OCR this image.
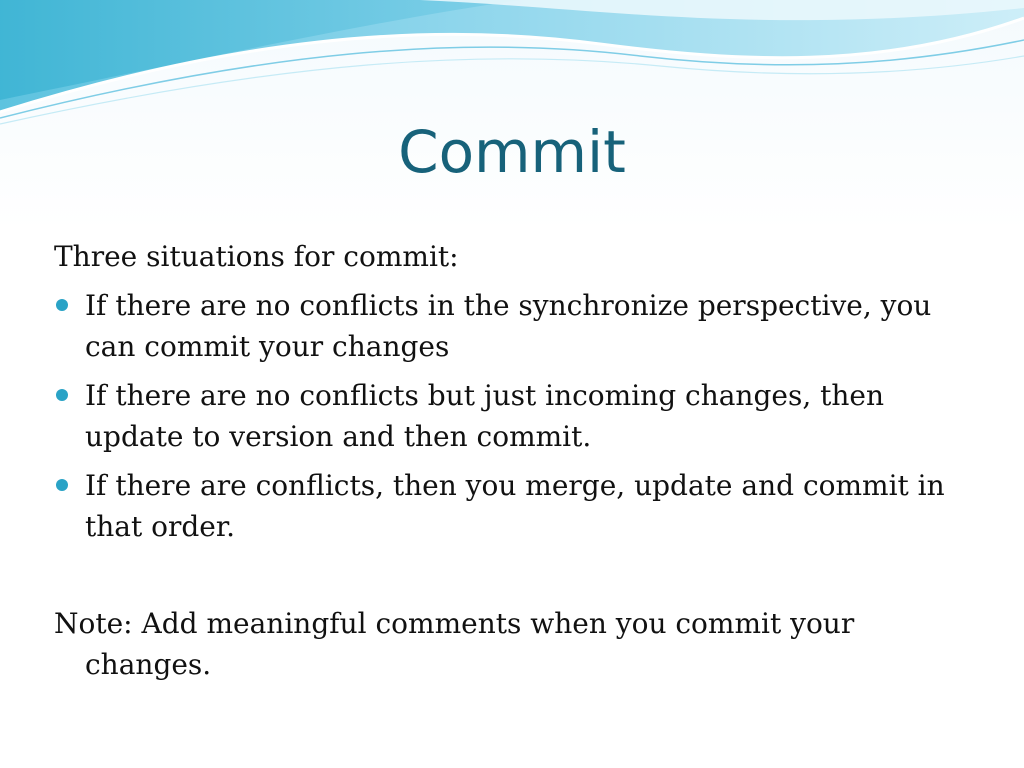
Commit
Three situations for commit:
If there are no conflicts in the synchronize perspective, you can commit your changes
If there are no conflicts but just incoming changes, then update to version and then commit.
If there are conflicts, then you merge, update and commit in that order.
Note: Add meaningful comments when you commit your changes.
